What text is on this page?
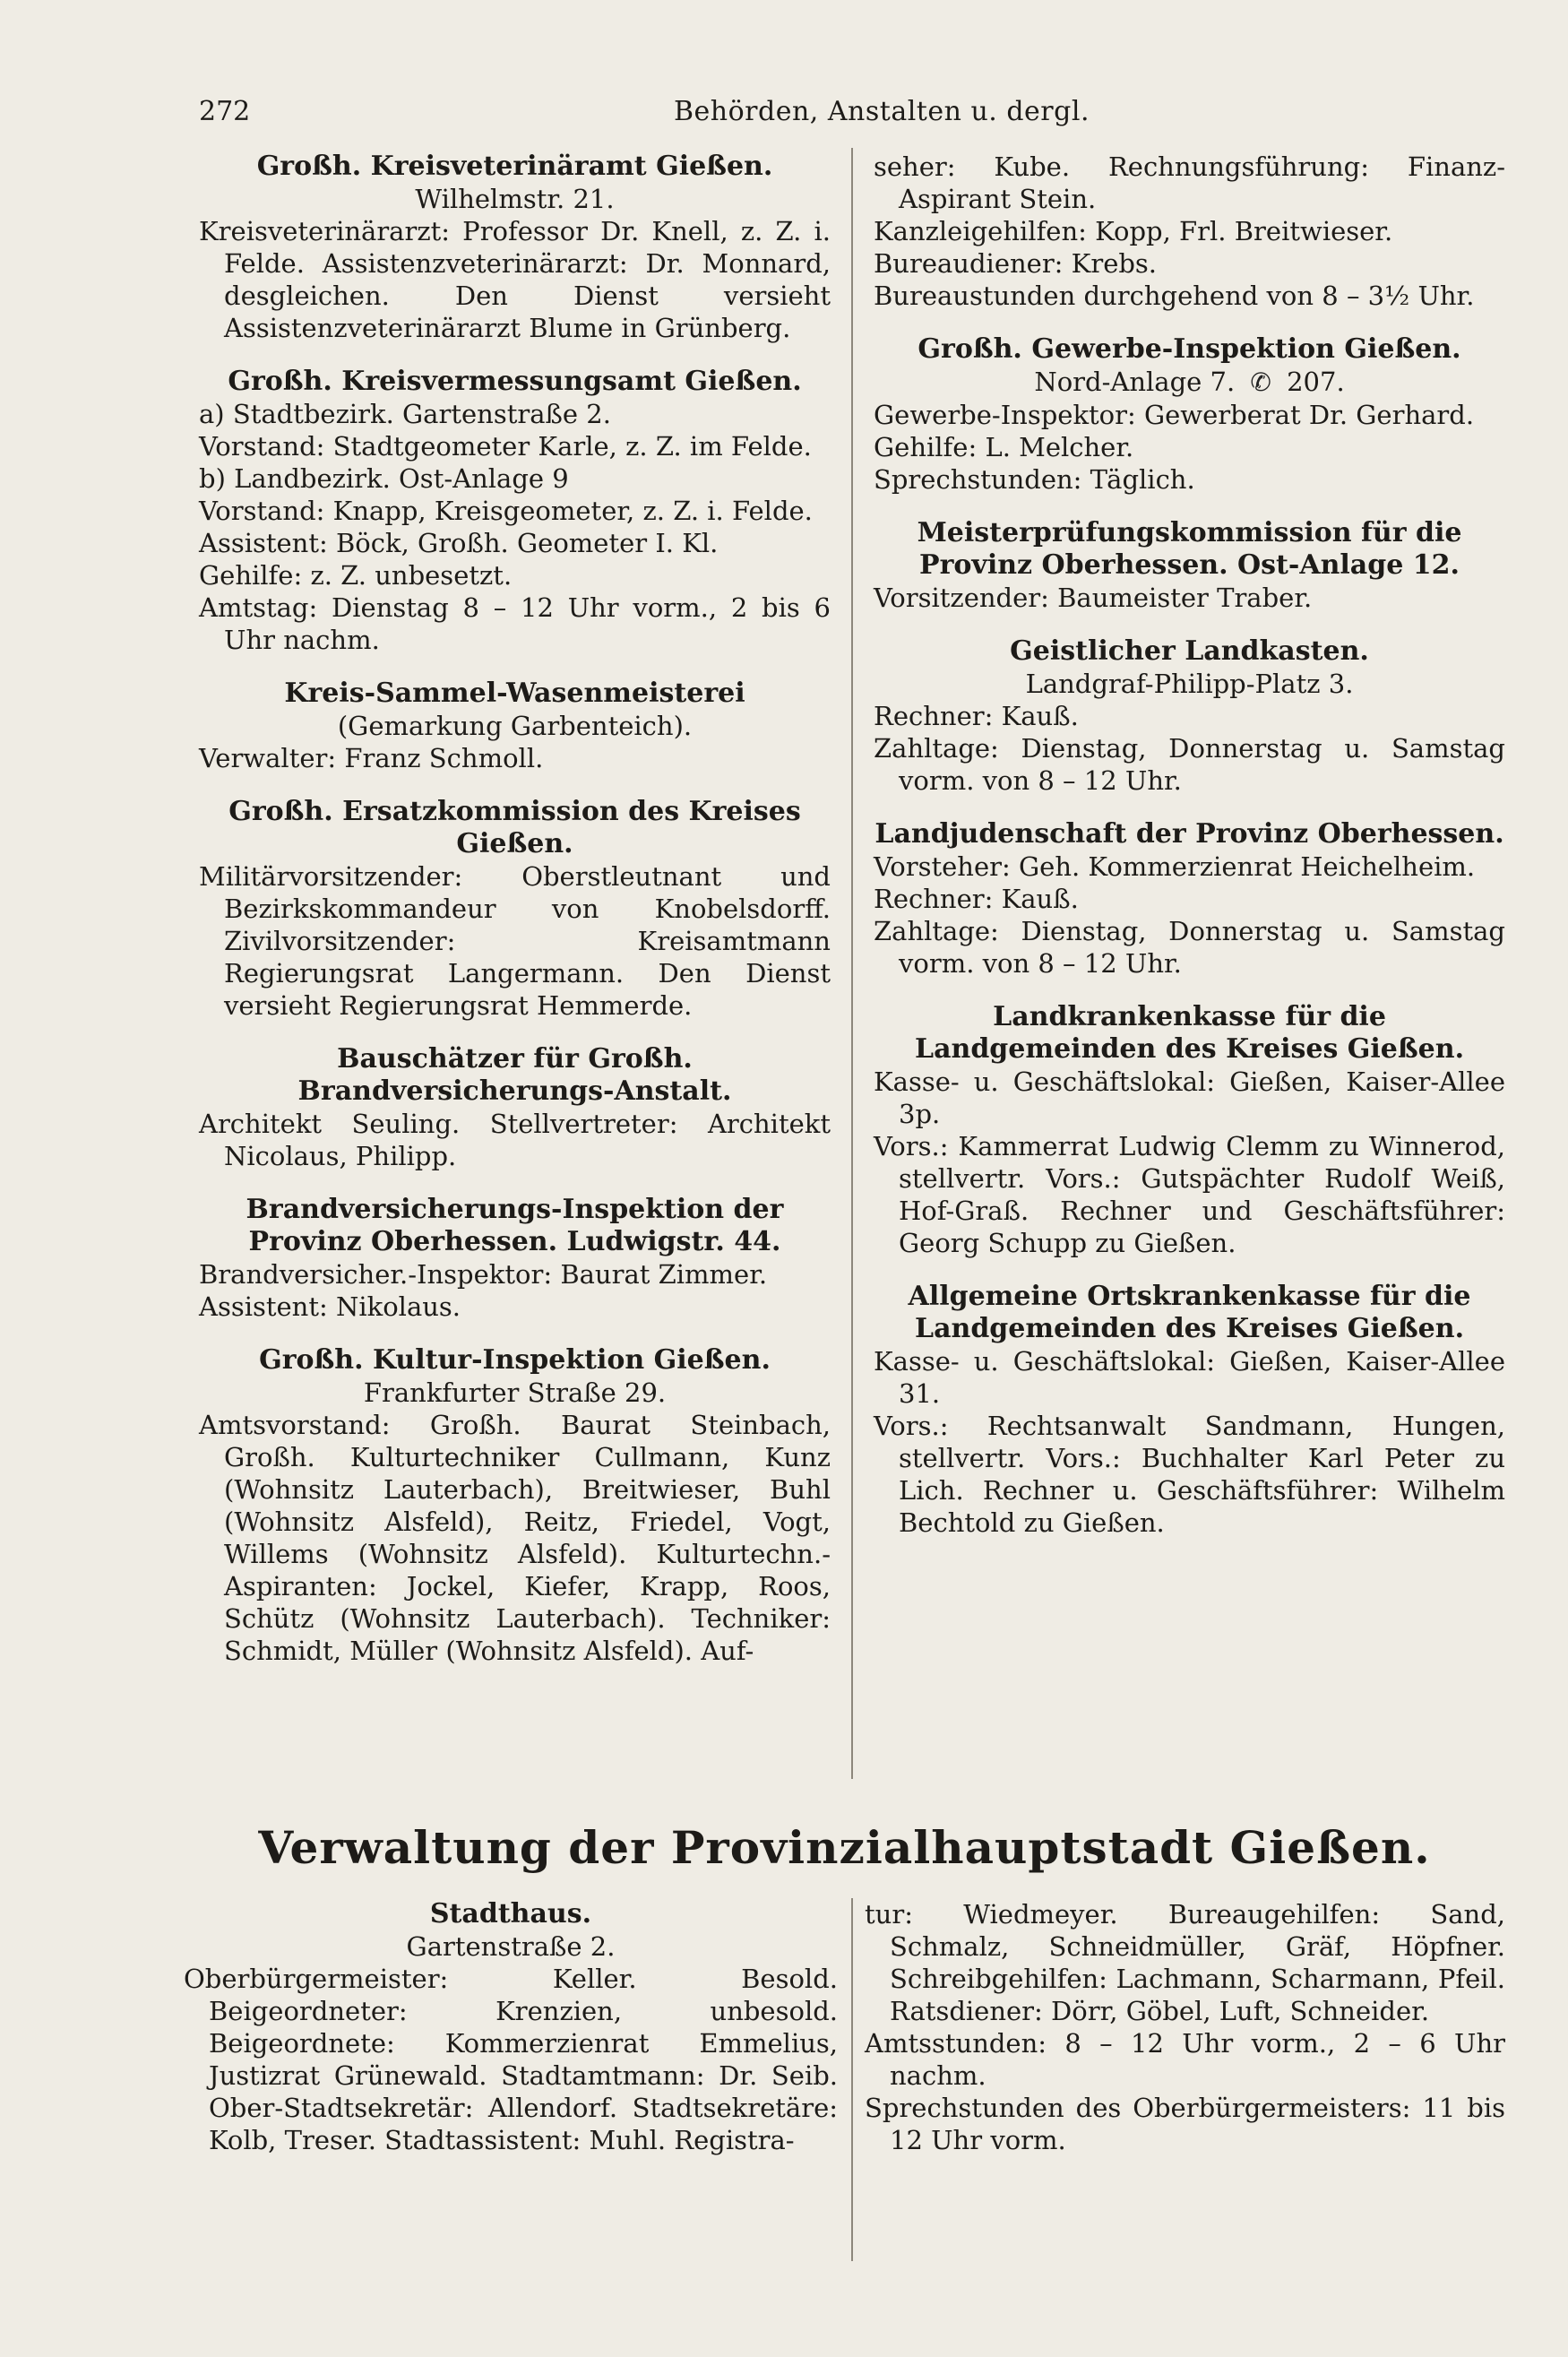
272	Behörden, Anstalten u. dergl.
Großh. Kreisveterinäramt Gießen.
Wilhelmstr. 21.

Kreisveterinärarzt: Professor Dr. Knell, z. Z. i. Felde. Assistenzveterinärarzt: Dr. Monnard, desgleichen. Den Dienst versieht Assistenzveterinärarzt Blume in Grünberg.

Großh. Kreisvermessungsamt Gießen.

a) Stadtbezirk. Gartenstraße 2.

Vorstand: Stadtgeometer Karle, z. Z. im Felde.

b) Landbezirk. Ost-Anlage 9

Vorstand: Knapp, Kreisgeometer, z. Z. i. Felde.

Assistent: Böck, Großh. Geometer I. Kl.

Gehilfe: z. Z. unbesetzt.

Amtstag: Dienstag 8 – 12 Uhr vorm., 2 bis 6 Uhr nachm.

Kreis-Sammel-Wasenmeisterei
(Gemarkung Garbenteich).

Verwalter: Franz Schmoll.

Großh. Ersatzkommission des Kreises Gießen.

Militärvorsitzender: Oberstleutnant und Bezirkskommandeur von Knobelsdorff. Zivilvorsitzender: Kreisamtmann Regierungsrat Langermann. Den Dienst versieht Regierungsrat Hemmerde.

Bauschätzer für Großh. Brandversicherungs-Anstalt.

Architekt Seuling. Stellvertreter: Architekt Nicolaus, Philipp.

Brandversicherungs-Inspektion der Provinz Oberhessen. Ludwigstr. 44.

Brandversicher.-Inspektor: Baurat Zimmer.

Assistent: Nikolaus.

Großh. Kultur-Inspektion Gießen.
Frankfurter Straße 29.

Amtsvorstand: Großh. Baurat Steinbach, Großh. Kulturtechniker Cullmann, Kunz (Wohnsitz Lauterbach), Breitwieser, Buhl (Wohnsitz Alsfeld), Reitz, Friedel, Vogt, Willems (Wohnsitz Alsfeld). Kulturtechn.-Aspiranten: Jockel, Kiefer, Krapp, Roos, Schütz (Wohnsitz Lauterbach). Techniker: Schmidt, Müller (Wohnsitz Alsfeld). Auf-

seher: Kube. Rechnungsführung: Finanz-Aspirant Stein.

Kanzleigehilfen: Kopp, Frl. Breitwieser.

Bureaudiener: Krebs.

Bureaustunden durchgehend von 8 – 3½ Uhr.

Großh. Gewerbe-Inspektion Gießen.
Nord-Anlage 7. ✆ 207.

Gewerbe-Inspektor: Gewerberat Dr. Gerhard.

Gehilfe: L. Melcher.

Sprechstunden: Täglich.

Meisterprüfungskommission für die Provinz Oberhessen. Ost-Anlage 12.

Vorsitzender: Baumeister Traber.

Geistlicher Landkasten.
Landgraf-Philipp-Platz 3.

Rechner: Kauß.

Zahltage: Dienstag, Donnerstag u. Samstag vorm. von 8 – 12 Uhr.

Landjudenschaft der Provinz Oberhessen.

Vorsteher: Geh. Kommerzienrat Heichelheim.

Rechner: Kauß.

Zahltage: Dienstag, Donnerstag u. Samstag vorm. von 8 – 12 Uhr.

Landkrankenkasse für die Landgemeinden des Kreises Gießen.

Kasse- u. Geschäftslokal: Gießen, Kaiser-Allee 3p.

Vors.: Kammerrat Ludwig Clemm zu Winnerod, stellvertr. Vors.: Gutspächter Rudolf Weiß, Hof-Graß. Rechner und Geschäftsführer: Georg Schupp zu Gießen.

Allgemeine Ortskrankenkasse für die Landgemeinden des Kreises Gießen.

Kasse- u. Geschäftslokal: Gießen, Kaiser-Allee 31.

Vors.: Rechtsanwalt Sandmann, Hungen, stellvertr. Vors.: Buchhalter Karl Peter zu Lich. Rechner u. Geschäftsführer: Wilhelm Bechtold zu Gießen.

Verwaltung der Provinzialhauptstadt Gießen.
Stadthaus.
Gartenstraße 2.

Oberbürgermeister: Keller. Besold. Beigeordneter: Krenzien, unbesold. Beigeordnete: Kommerzienrat Emmelius, Justizrat Grünewald. Stadtamtmann: Dr. Seib. Ober-Stadtsekretär: Allendorf. Stadtsekretäre: Kolb, Treser. Stadtassistent: Muhl. Registra-

tur: Wiedmeyer. Bureaugehilfen: Sand, Schmalz, Schneidmüller, Gräf, Höpfner. Schreibgehilfen: Lachmann, Scharmann, Pfeil. Ratsdiener: Dörr, Göbel, Luft, Schneider.

Amtsstunden: 8 – 12 Uhr vorm., 2 – 6 Uhr nachm.

Sprechstunden des Oberbürgermeisters: 11 bis 12 Uhr vorm.
